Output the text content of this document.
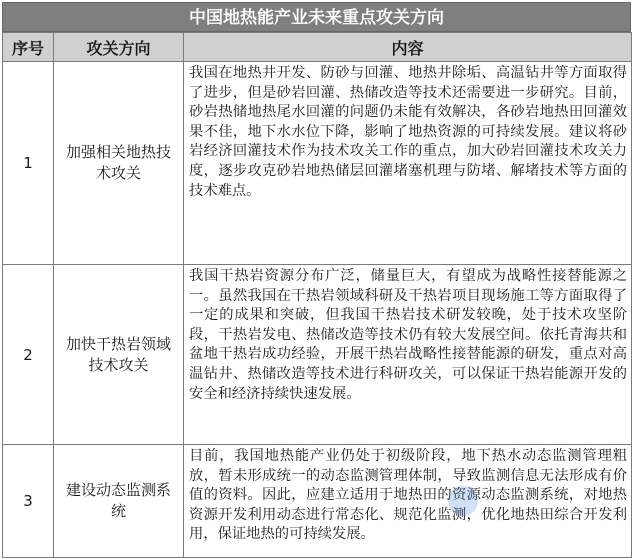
中国地热能产业未来重点攻关方向
序号	攻关方向	内容
1	加强相关地热技术攻关	我国在地热井开发、防砂与回灌、地热井除垢、高温钻井等方面取得了进步，但是砂岩回灌、热储改造等技术还需要进一步研究。目前，砂岩热储地热尾水回灌的问题仍未能有效解决，各砂岩地热田回灌效果不佳，地下水水位下降，影响了地热资源的可持续发展。建议将砂岩经济回灌技术作为技术攻关工作的重点，加大砂岩回灌技术攻关力度，逐步攻克砂岩地热储层回灌堵塞机理与防堵、解堵技术等方面的技术难点。
2	加快干热岩领域技术攻关	我国干热岩资源分布广泛，储量巨大，有望成为战略性接替能源之一。虽然我国在干热岩领域科研及干热岩项目现场施工等方面取得了一定的成果和突破，但我国干热岩技术研发较晚，处于技术攻坚阶段，干热岩发电、热储改造等技术仍有较大发展空间。依托青海共和盆地干热岩成功经验，开展干热岩战略性接替能源的研发，重点对高温钻井、热储改造等技术进行科研攻关，可以保证干热岩能源开发的安全和经济持续快速发展。
3	建设动态监测系统	目前，我国地热能产业仍处于初级阶段，地下热水动态监测管理粗放，暂未形成统一的动态监测管理体制，导致监测信息无法形成有价值的资料。因此，应建立适用于地热田的资源动态监测系统，对地热资源开发利用动态进行常态化、规范化监测，优化地热田综合开发利用，保证地热的可持续发展。
